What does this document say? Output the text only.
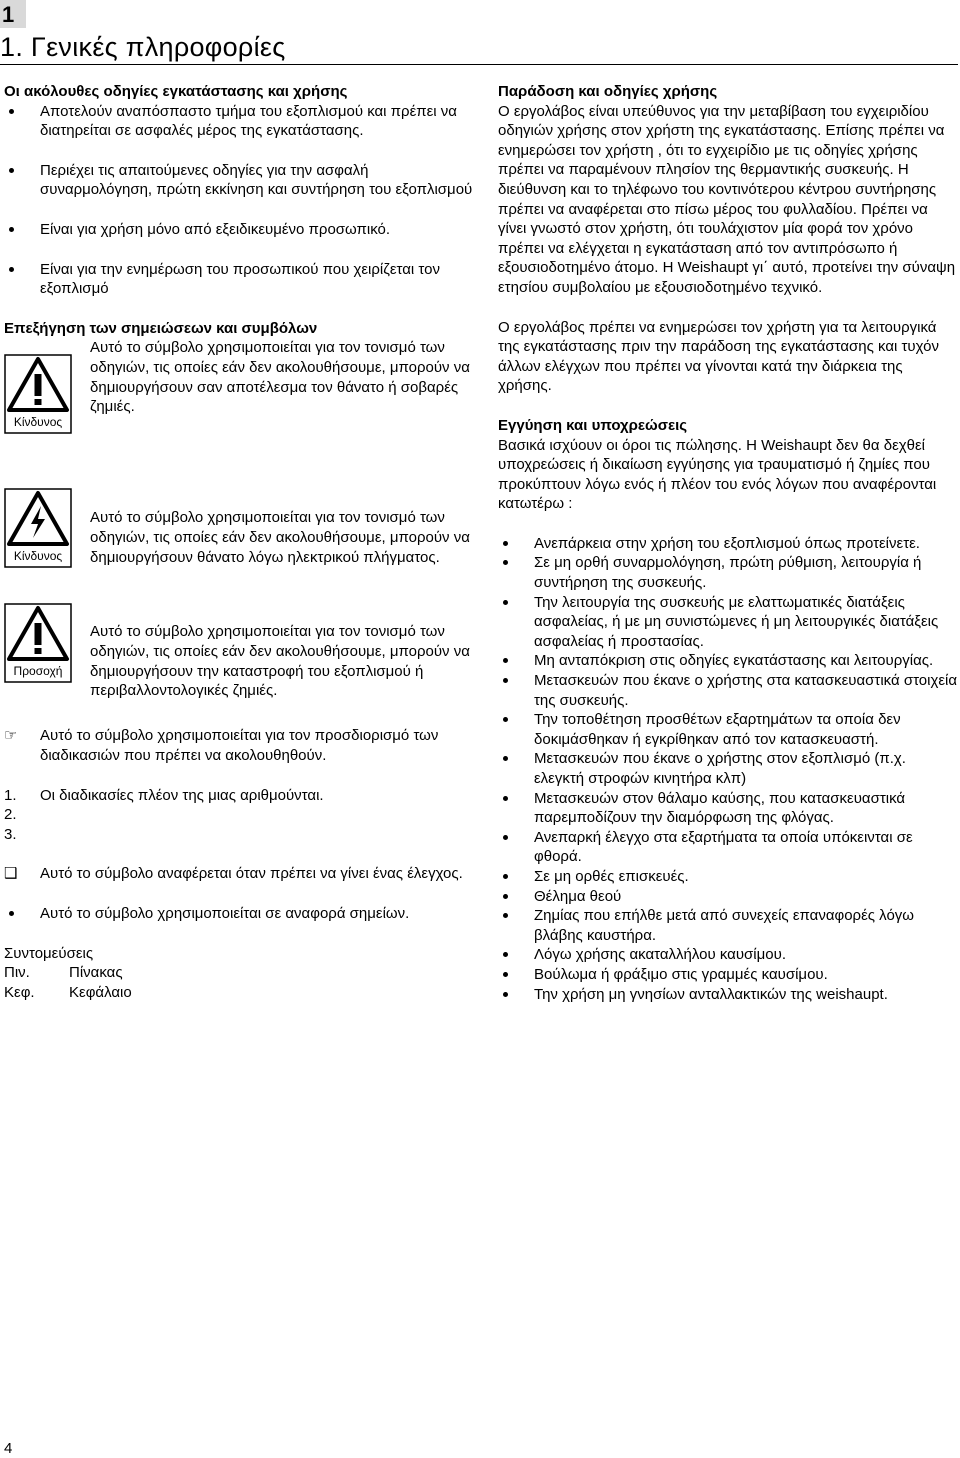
1
1. Γενικές πληροφορίες

Οι ακόλουθες οδηγίες εγκατάστασης και χρήσης

Αποτελούν αναπόσπαστο τμήμα του εξοπλισμού και πρέπει να διατηρείται σε ασφαλές μέρος της εγκατάστασης.
Περιέχει τις απαιτούμενες οδηγίες για την ασφαλή συναρμολόγηση, πρώτη εκκίνηση και συντήρηση του εξοπλισμού
Είναι για χρήση μόνο από εξειδικευμένο προσωπικό.
Είναι για την ενημέρωση του προσωπικού που χειρίζεται τον εξοπλισμό

Επεξήγηση των σημειώσεων και συμβόλων

Κίνδυνος

Αυτό το σύμβολο χρησιμοποιείται για τον τονισμό των οδηγιών, τις οποίες εάν δεν ακολουθήσουμε, μπορούν να δημιουργήσουν σαν αποτέλεσμα τον θάνατο ή σοβαρές ζημιές.

Κίνδυνος

Αυτό το σύμβολο χρησιμοποιείται για τον τονισμό των οδηγιών, τις οποίες εάν δεν ακολουθήσουμε, μπορούν να δημιουργήσουν θάνατο λόγω ηλεκτρικού πλήγματος.

Προσοχή

Αυτό το σύμβολο χρησιμοποιείται για τον τονισμό των οδηγιών, τις οποίες εάν δεν ακολουθήσουμε, μπορούν να δημιουργήσουν την καταστροφή του εξοπλισμού ή περιβαλλοντολογικές ζημιές.

☞	Αυτό το σύμβολο χρησιμοποιείται για τον προσδιορισμό των διαδικασιών που πρέπει να ακολουθηθούν.
1.	Οι διαδικασίες πλέον της μιας αριθμούνται.
2.
3.
❑	Αυτό το σύμβολο αναφέρεται όταν πρέπει να γίνει ένας έλεγχος.
Αυτό το σύμβολο χρησιμοποιείται σε αναφορά σημείων.

Συντομεύσεις

Πιν.	Πίνακας
Κεφ.	Κεφάλαιο

Παράδοση και οδηγίες χρήσης

Ο εργολάβος είναι υπεύθυνος για την μεταβίβαση του εγχειριδίου οδηγιών χρήσης στον χρήστη της εγκατάστασης. Επίσης πρέπει να ενημερώσει τον χρήστη , ότι το εγχειρίδιο με τις οδηγίες χρήσης πρέπει να παραμένουν πλησίον της θερμαντικής συσκευής. Η διεύθυνση και το τηλέφωνο του κοντινότερου κέντρου συντήρησης πρέπει να αναφέρεται στο πίσω μέρος του φυλλαδίου. Πρέπει να γίνει γνωστό στον χρήστη, ότι τουλάχιστον μία φορά τον χρόνο πρέπει να ελέγχεται η εγκατάσταση από τον αντιπρόσωπο ή εξουσιοδοτημένο άτομο. Η Weishaupt γι΄ αυτό, προτείνει την σύναψη ετησίου συμβολαίου με εξουσιοδοτημένο τεχνικό.

Ο εργολάβος πρέπει να ενημερώσει τον χρήστη για τα λειτουργικά της εγκατάστασης πριν την παράδοση της εγκατάστασης και τυχόν άλλων ελέγχων που πρέπει να γίνονται κατά την διάρκεια της χρήσης.

Εγγύηση και υποχρεώσεις

Βασικά ισχύουν οι όροι τις πώλησης. Η Weishaupt δεν θα δεχθεί υποχρεώσεις ή δικαίωση εγγύησης για τραυματισμό ή ζημίες που προκύπτουν λόγω ενός ή πλέον του ενός λόγων που αναφέρονται κατωτέρω :

Ανεπάρκεια στην χρήση του εξοπλισμού όπως προτείνετε.
Σε μη ορθή συναρμολόγηση, πρώτη ρύθμιση, λειτουργία ή συντήρηση της συσκευής.
Την λειτουργία της συσκευής με ελαττωματικές διατάξεις ασφαλείας, ή με μη συνιστώμενες ή μη λειτουργικές διατάξεις ασφαλείας ή προστασίας.
Μη ανταπόκριση στις οδηγίες εγκατάστασης και λειτουργίας.
Μετασκευών που έκανε ο χρήστης στα κατασκευαστικά στοιχεία της συσκευής.
Την τοποθέτηση προσθέτων εξαρτημάτων τα οποία δεν δοκιμάσθηκαν ή εγκρίθηκαν από τον κατασκευαστή.
Μετασκευών που έκανε ο χρήστης στον εξοπλισμό (π.χ. ελεγκτή στροφών κινητήρα κλπ)
Μετασκευών στον θάλαμο καύσης, που κατασκευαστικά παρεμποδίζουν την διαμόρφωση της φλόγας.
Ανεπαρκή έλεγχο στα εξαρτήματα τα οποία υπόκεινται σε φθορά.
Σε μη ορθές επισκευές.
Θέλημα θεού
Ζημίας που επήλθε μετά από συνεχείς επαναφορές λόγω βλάβης καυστήρα.
Λόγω χρήσης ακαταλλήλου καυσίμου.
Βούλωμα ή φράξιμο στις γραμμές καυσίμου.
Την χρήση μη γνησίων ανταλλακτικών της weishaupt.
4
